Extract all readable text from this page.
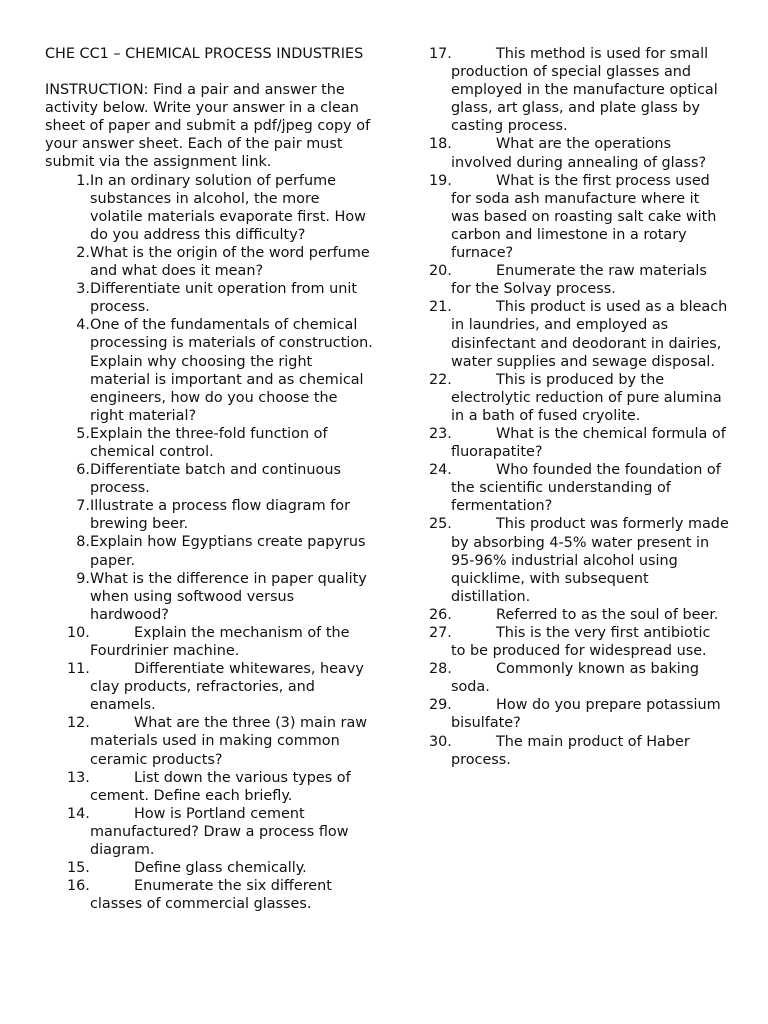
CHE CC1 – CHEMICAL PROCESS INDUSTRIES

INSTRUCTION: Find a pair and answer the activity below. Write your answer in a clean sheet of paper and submit a pdf/jpeg copy of your answer sheet. Each of the pair must submit via the assignment link.

1. In an ordinary solution of perfume substances in alcohol, the more volatile materials evaporate first. How do you address this difficulty?
2. What is the origin of the word perfume and what does it mean?
3. Differentiate unit operation from unit process.
4. One of the fundamentals of chemical processing is materials of construction. Explain why choosing the right material is important and as chemical engineers, how do you choose the right material?
5. Explain the three-fold function of chemical control.
6. Differentiate batch and continuous process.
7. Illustrate a process flow diagram for brewing beer.
8. Explain how Egyptians create papyrus paper.
9. What is the difference in paper quality when using softwood versus hardwood?
10.	Explain the mechanism of the Fourdrinier machine.
11.	Differentiate whitewares, heavy clay products, refractories, and enamels.
12.	What are the three (3) main raw materials used in making common ceramic products?
13.	List down the various types of cement. Define each briefly.
14.	How is Portland cement manufactured? Draw a process flow diagram.
15.	Define glass chemically.
16.	Enumerate the six different classes of commercial glasses.
17.	This method is used for small production of special glasses and employed in the manufacture optical glass, art glass, and plate glass by casting process.
18.	What are the operations involved during annealing of glass?
19.	What is the first process used for soda ash manufacture where it was based on roasting salt cake with carbon and limestone in a rotary furnace?
20.	Enumerate the raw materials for the Solvay process.
21.	This product is used as a bleach in laundries, and employed as disinfectant and deodorant in dairies, water supplies and sewage disposal.
22.	This is produced by the electrolytic reduction of pure alumina in a bath of fused cryolite.
23.	What is the chemical formula of fluorapatite?
24.	Who founded the foundation of the scientific understanding of fermentation?
25.	This product was formerly made by absorbing 4-5% water present in 95-96% industrial alcohol using quicklime, with subsequent distillation.
26.	Referred to as the soul of beer.
27.	This is the very first antibiotic to be produced for widespread use.
28.	Commonly known as baking soda.
29.	How do you prepare potassium bisulfate?
30.	The main product of Haber process.
